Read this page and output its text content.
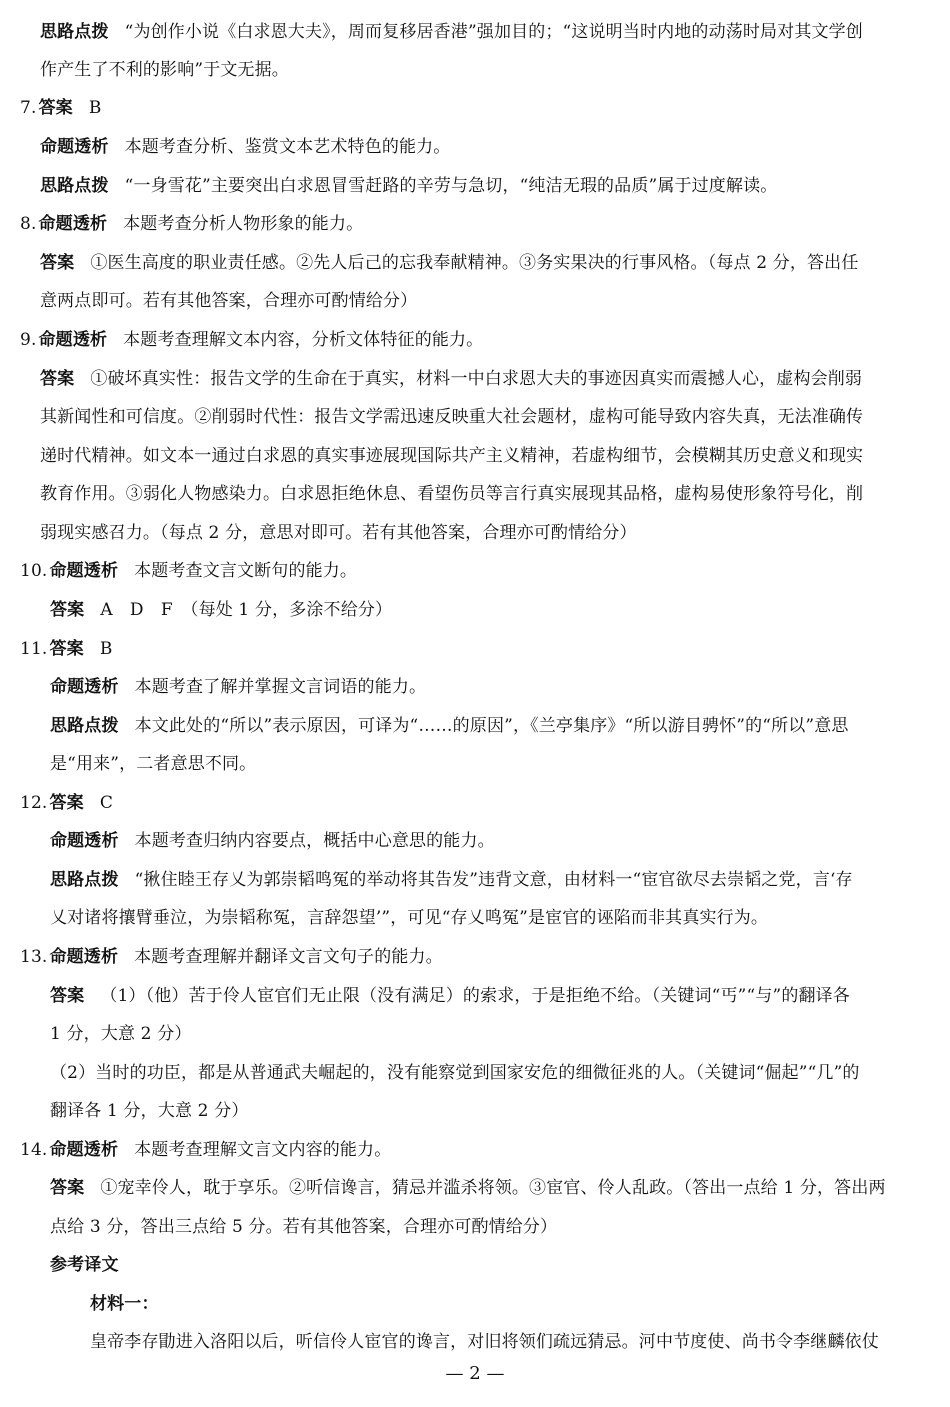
思路点拨 “为创作小说《白求恩大夫》，周而复移居香港”强加目的；“这说明当时内地的动荡时局对其文学创
作产生了不利的影响”于文无据。
7. 答案 B
命题透析 本题考查分析、鉴赏文本艺术特色的能力。
思路点拨 “一身雪花”主要突出白求恩冒雪赶路的辛劳与急切，“纯洁无瑕的品质”属于过度解读。
8. 命题透析 本题考查分析人物形象的能力。
答案 ①医生高度的职业责任感。②先人后己的忘我奉献精神。③务实果决的行事风格。（每点 2 分，答出任
意两点即可。若有其他答案，合理亦可酌情给分）
9. 命题透析 本题考查理解文本内容，分析文体特征的能力。
答案 ①破坏真实性：报告文学的生命在于真实，材料一中白求恩大夫的事迹因真实而震撼人心，虚构会削弱
其新闻性和可信度。②削弱时代性：报告文学需迅速反映重大社会题材，虚构可能导致内容失真，无法准确传
递时代精神。如文本一通过白求恩的真实事迹展现国际共产主义精神，若虚构细节，会模糊其历史意义和现实
教育作用。③弱化人物感染力。白求恩拒绝休息、看望伤员等言行真实展现其品格，虚构易使形象符号化，削
弱现实感召力。（每点 2 分，意思对即可。若有其他答案，合理亦可酌情给分）
10. 命题透析 本题考查文言文断句的能力。
答案 A　D　F　（每处 1 分，多涂不给分）
11. 答案 B
命题透析 本题考查了解并掌握文言词语的能力。
思路点拨 本文此处的“所以”表示原因，可译为“……的原因”，《兰亭集序》“所以游目骋怀”的“所以”意思
是“用来”，二者意思不同。
12. 答案 C
命题透析 本题考查归纳内容要点，概括中心意思的能力。
思路点拨 “揪住睦王存乂为郭崇韬鸣冤的举动将其告发”违背文意，由材料一“宦官欲尽去崇韬之党，言‘存
乂对诸将攘臂垂泣，为崇韬称冤，言辞怨望’”，可见“存乂鸣冤”是宦官的诬陷而非其真实行为。
13. 命题透析 本题考查理解并翻译文言文句子的能力。
答案 （1）（他）苦于伶人宦官们无止限（没有满足）的索求，于是拒绝不给。（关键词“丐”“与”的翻译各
1 分，大意 2 分）
（2）当时的功臣，都是从普通武夫崛起的，没有能察觉到国家安危的细微征兆的人。（关键词“倔起”“几”的
翻译各 1 分，大意 2 分）
14. 命题透析 本题考查理解文言文内容的能力。
答案 ①宠幸伶人，耽于享乐。②听信谗言，猜忌并滥杀将领。③宦官、伶人乱政。（答出一点给 1 分，答出两
点给 3 分，答出三点给 5 分。若有其他答案，合理亦可酌情给分）
参考译文
材料一：
皇帝李存勖进入洛阳以后，听信伶人宦官的谗言，对旧将领们疏远猜忌。河中节度使、尚书令李继麟依仗
— 2 —
